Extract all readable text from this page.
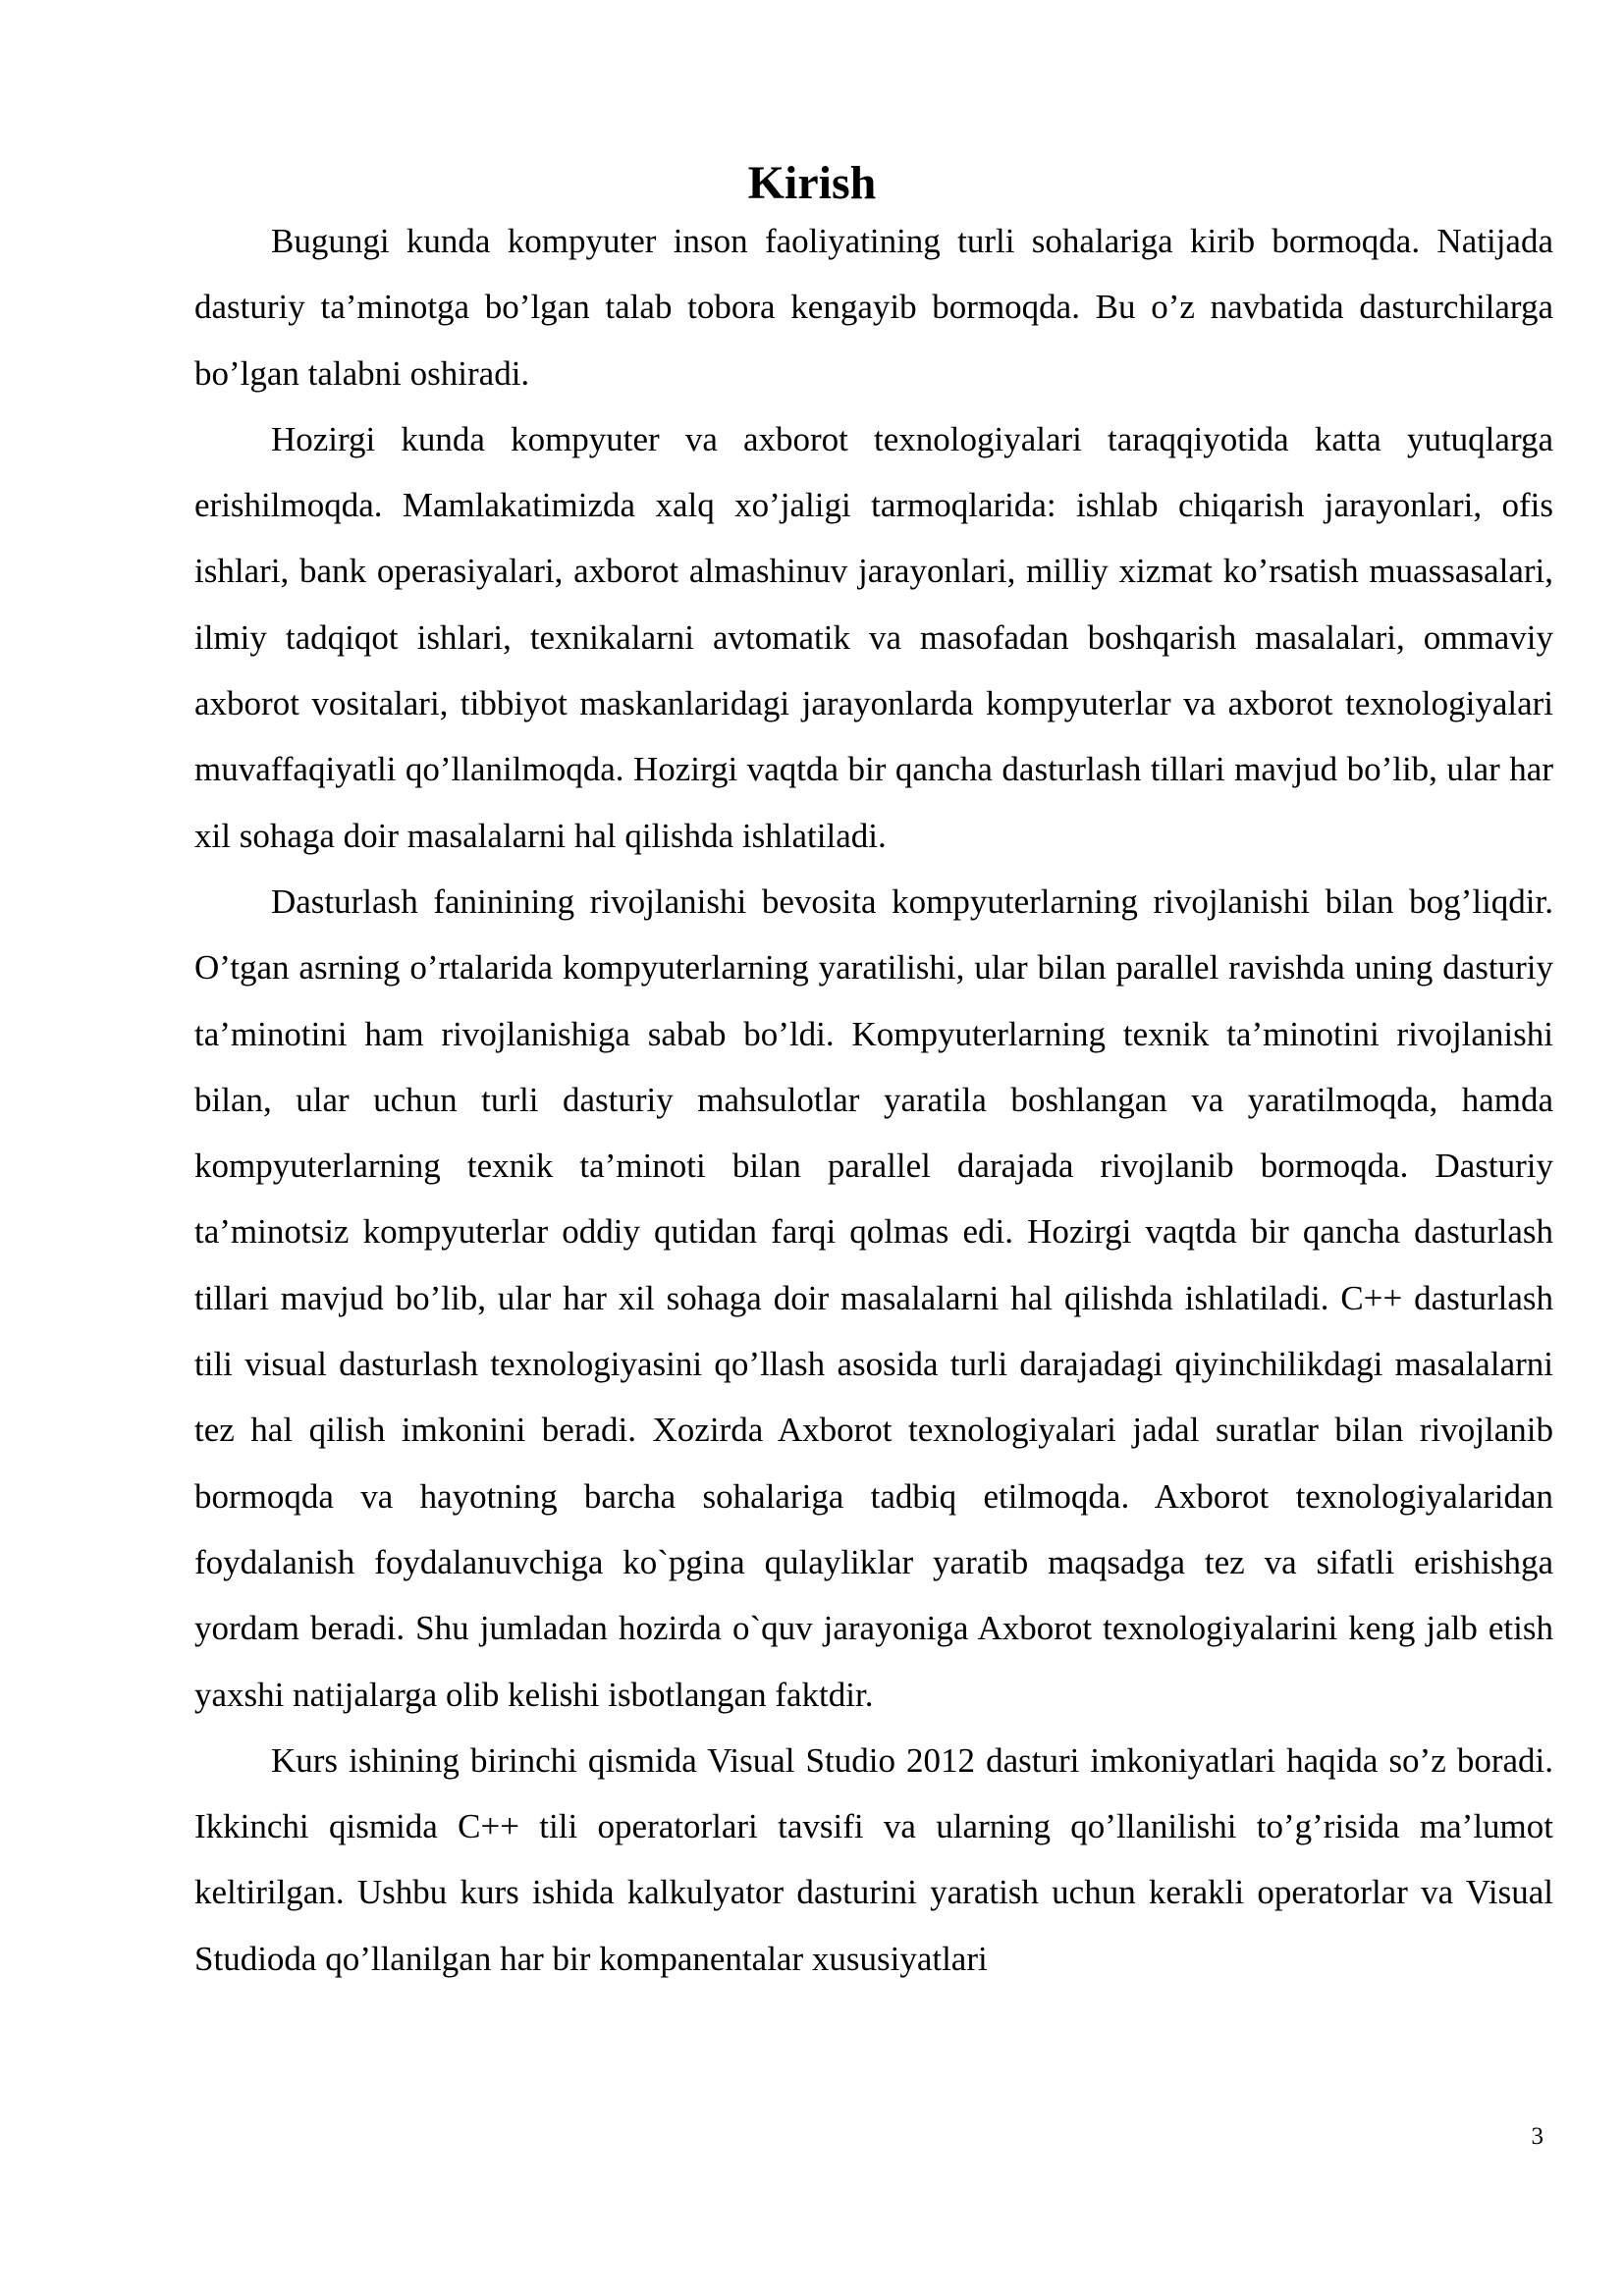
Kirish

Bugungi kunda kompyuter inson faoliyatining turli sohalariga kirib bormoqda. Natijada dasturiy ta’minotga bo’lgan talab tobora kengayib bormoqda. Bu o’z navbatida dasturchilarga bo’lgan talabni oshiradi.

Hozirgi kunda kompyuter va axborot texnologiyalari taraqqiyotida katta yutuqlarga erishilmoqda. Mamlakatimizda xalq xo’jaligi tarmoqlarida: ishlab chiqarish jarayonlari, ofis ishlari, bank operasiyalari, axborot almashinuv jarayonlari, milliy xizmat ko’rsatish muassasalari, ilmiy tadqiqot ishlari, texnikalarni avtomatik va masofadan boshqarish masalalari, ommaviy axborot vositalari, tibbiyot maskanlaridagi jarayonlarda kompyuterlar va axborot texnologiyalari muvaffaqiyatli qo’llanilmoqda. Hozirgi vaqtda bir qancha dasturlash tillari mavjud bo’lib, ular har xil sohaga doir masalalarni hal qilishda ishlatiladi.

Dasturlash faninining rivojlanishi bevosita kompyuterlarning rivojlanishi bilan bog’liqdir. O’tgan asrning o’rtalarida kompyuterlarning yaratilishi, ular bilan parallel ravishda uning dasturiy ta’minotini ham rivojlanishiga sabab bo’ldi. Kompyuterlarning texnik ta’minotini rivojlanishi bilan, ular uchun turli dasturiy mahsulotlar yaratila boshlangan va yaratilmoqda, hamda kompyuterlarning texnik ta’minoti bilan parallel darajada rivojlanib bormoqda. Dasturiy ta’minotsiz kompyuterlar oddiy qutidan farqi qolmas edi. Hozirgi vaqtda bir qancha dasturlash tillari mavjud bo’lib, ular har xil sohaga doir masalalarni hal qilishda ishlatiladi. C++ dasturlash tili visual dasturlash texnologiyasini qo’llash asosida turli darajadagi qiyinchilikdagi masalalarni tez hal qilish imkonini beradi. Xozirda Axborot texnologiyalari jadal suratlar bilan rivojlanib bormoqda va hayotning barcha sohalariga tadbiq etilmoqda. Axborot texnologiyalaridan foydalanish foydalanuvchiga ko`pgina qulayliklar yaratib maqsadga tez va sifatli erishishga yordam beradi. Shu jumladan hozirda o`quv jarayoniga Axborot texnologiyalarini keng jalb etish yaxshi natijalarga olib kelishi isbotlangan faktdir.

Kurs ishining birinchi qismida Visual Studio 2012 dasturi imkoniyatlari haqida so’z boradi. Ikkinchi qismida C++ tili operatorlari tavsifi va ularning qo’llanilishi to’g’risida ma’lumot keltirilgan. Ushbu kurs ishida kalkulyator dasturini yaratish uchun kerakli operatorlar va Visual Studioda qo’llanilgan har bir kompanentalar xususiyatlari

3
